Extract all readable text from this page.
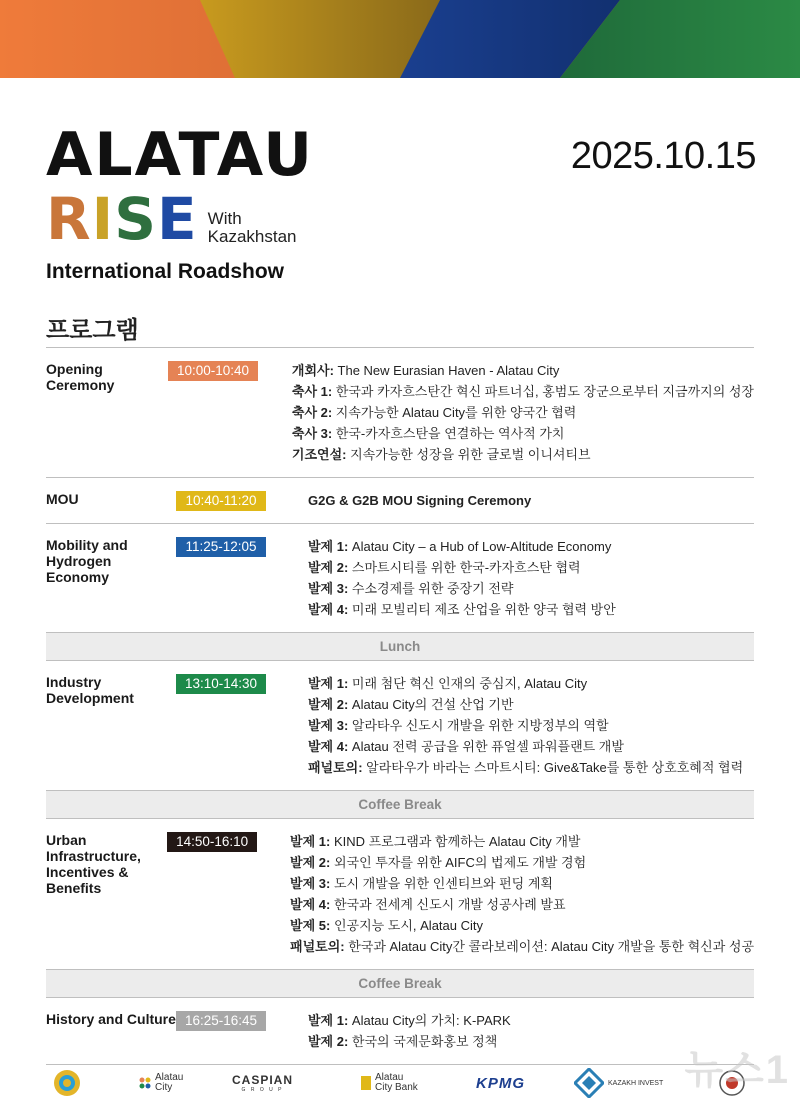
ALATAU
RISE With
Kazakhstan
International Roadshow
2025.10.15
프로그램
Opening Ceremony
10:00-10:40	개회사: The New Eurasian Haven - Alatau City
축사 1: 한국과 카자흐스탄간 혁신 파트너십, 홍범도 장군으로부터 지금까지의 성장
축사 2: 지속가능한 Alatau City를 위한 양국간 협력
축사 3: 한국-카자흐스탄을 연결하는 역사적 가치
기조연설: 지속가능한 성장을 위한 글로벌 이니셔티브
MOU	10:40-11:20	G2G & G2B MOU Signing Ceremony
Mobility and Hydrogen Economy
11:25-12:05	발제 1: Alatau City – a Hub of Low-Altitude Economy
발제 2: 스마트시티를 위한 한국-카자흐스탄 협력
발제 3: 수소경제를 위한 중장기 전략
발제 4: 미래 모빌리티 제조 산업을 위한 양국 협력 방안
Lunch
Industry Development
13:10-14:30	발제 1: 미래 첨단 혁신 인재의 중심지, Alatau City
발제 2: Alatau City의 건설 산업 기반
발제 3: 알라타우 신도시 개발을 위한 지방정부의 역할
발제 4: Alatau 전력 공급을 위한 퓨얼셀 파워플랜트 개발
패널토의: 알라타우가 바라는 스마트시티: Give&Take를 통한 상호호혜적 협력
Coffee Break
Urban Infrastructure, Incentives & Benefits
14:50-16:10	발제 1: KIND 프로그램과 함께하는 Alatau City 개발
발제 2: 외국인 투자를 위한 AIFC의 법제도 개발 경험
발제 3: 도시 개발을 위한 인센티브와 펀딩 계획
발제 4: 한국과 전세계 신도시 개발 성공사례 발표
발제 5: 인공지능 도시, Alatau City
패널토의: 한국과 Alatau City간 콜라보레이션: Alatau City 개발을 통한 혁신과 성공
Coffee Break
History and Culture 16:25-16:45	발제 1: Alatau City의 가치: K-PARK
발제 2: 한국의 국제문화홍보 정책
Alatau
City
CASPIAN
G R O U P
Alatau
City Bank	KPMG	KAZAKH INVEST 뉴스1
